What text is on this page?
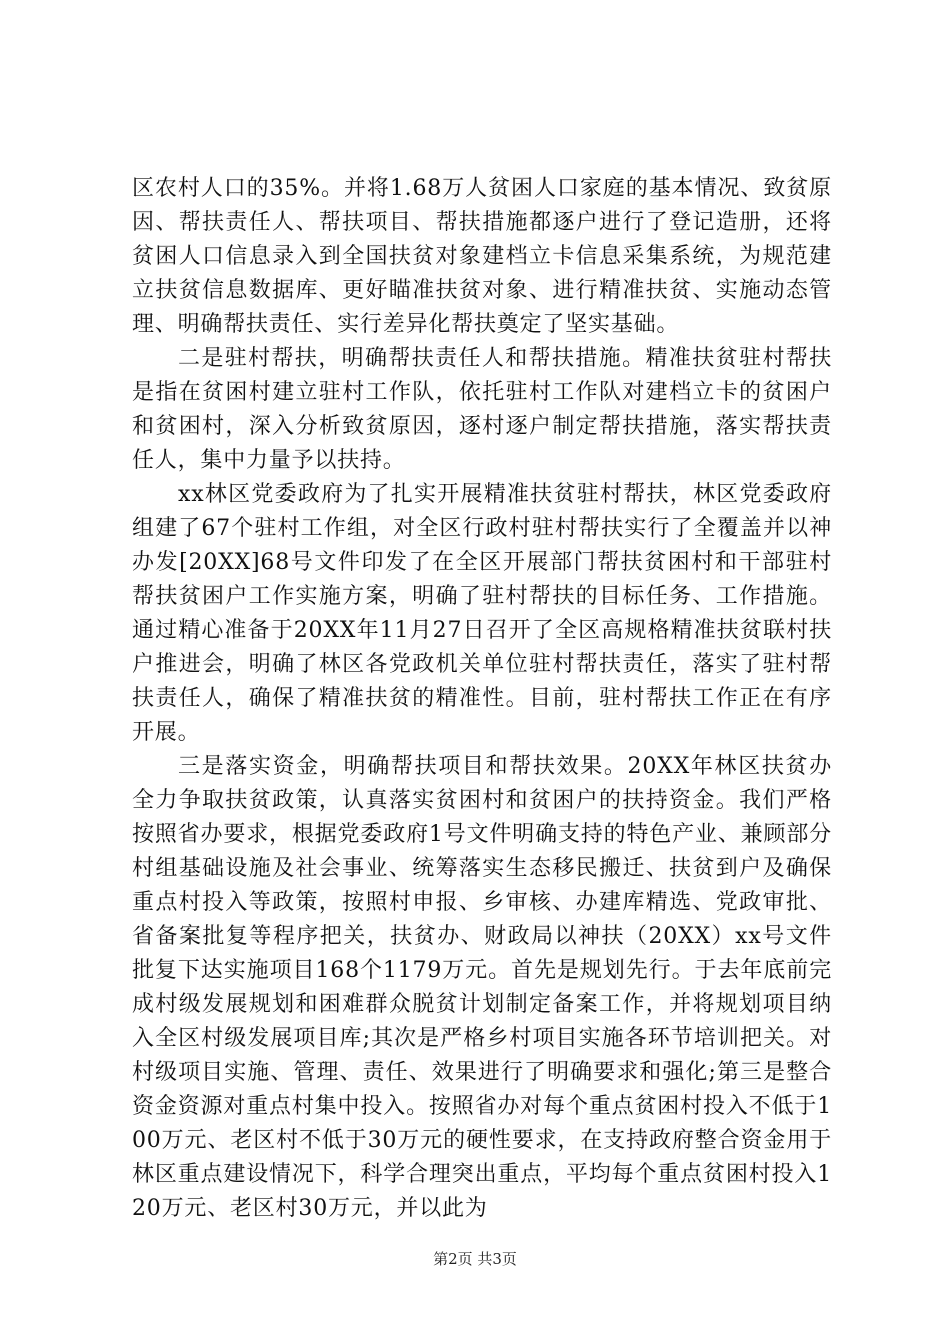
区农村人口的35%。并将1.68万人贫困人口家庭的基本情况、致贫原因、帮扶责任人、帮扶项目、帮扶措施都逐户进行了登记造册，还将贫困人口信息录入到全国扶贫对象建档立卡信息采集系统，为规范建立扶贫信息数据库、更好瞄准扶贫对象、进行精准扶贫、实施动态管理、明确帮扶责任、实行差异化帮扶奠定了坚实基础。

二是驻村帮扶，明确帮扶责任人和帮扶措施。精准扶贫驻村帮扶是指在贫困村建立驻村工作队，依托驻村工作队对建档立卡的贫困户和贫困村，深入分析致贫原因，逐村逐户制定帮扶措施，落实帮扶责任人，集中力量予以扶持。

xx林区党委政府为了扎实开展精准扶贫驻村帮扶，林区党委政府组建了67个驻村工作组，对全区行政村驻村帮扶实行了全覆盖并以神办发[20XX]68号文件印发了在全区开展部门帮扶贫困村和干部驻村帮扶贫困户工作实施方案，明确了驻村帮扶的目标任务、工作措施。通过精心准备于20XX年11月27日召开了全区高规格精准扶贫联村扶户推进会，明确了林区各党政机关单位驻村帮扶责任，落实了驻村帮扶责任人，确保了精准扶贫的精准性。目前，驻村帮扶工作正在有序开展。

三是落实资金，明确帮扶项目和帮扶效果。20XX年林区扶贫办全力争取扶贫政策，认真落实贫困村和贫困户的扶持资金。我们严格按照省办要求，根据党委政府1号文件明确支持的特色产业、兼顾部分村组基础设施及社会事业、统筹落实生态移民搬迁、扶贫到户及确保重点村投入等政策，按照村申报、乡审核、办建库精选、党政审批、省备案批复等程序把关，扶贫办、财政局以神扶（20XX）xx号文件批复下达实施项目168个1179万元。首先是规划先行。于去年底前完成村级发展规划和困难群众脱贫计划制定备案工作，并将规划项目纳入全区村级发展项目库;其次是严格乡村项目实施各环节培训把关。对村级项目实施、管理、责任、效果进行了明确要求和强化;第三是整合资金资源对重点村集中投入。按照省办对每个重点贫困村投入不低于100万元、老区村不低于30万元的硬性要求，在支持政府整合资金用于林区重点建设情况下，科学合理突出重点，平均每个重点贫困村投入120万元、老区村30万元，并以此为

第2页 共3页
